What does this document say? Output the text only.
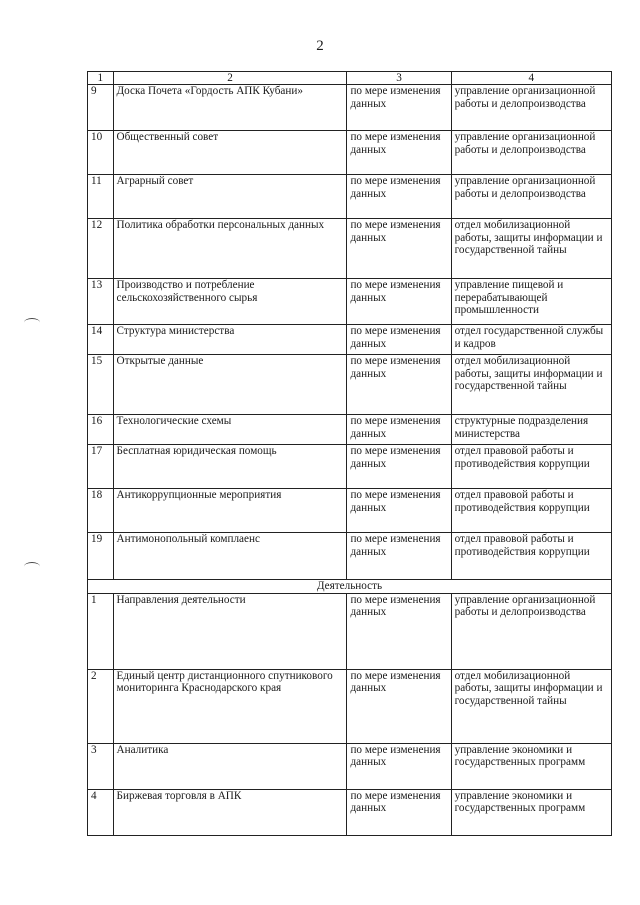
2
1	2	3	4
9	Доска Почета «Гордость АПК Кубани»	по мере изменения данных	управление организационной работы и делопроизводства
10	Общественный совет	по мере изменения данных	управление организационной работы и делопроизводства
11	Аграрный совет	по мере изменения данных	управление организационной работы и делопроизводства
12	Политика обработки персональных данных	по мере изменения данных	отдел мобилизационной работы, защиты информации и государственной тайны
13	Производство и потребление сельскохозяйственного сырья	по мере изменения данных	управление пищевой и перерабатывающей промышленности
14	Структура министерства	по мере изменения данных	отдел государственной службы и кадров
15	Открытые данные	по мере изменения данных	отдел мобилизационной работы, защиты информации и государственной тайны
16	Технологические схемы	по мере изменения данных	структурные подразделения министерства
17	Бесплатная юридическая помощь	по мере изменения данных	отдел правовой работы и противодействия коррупции
18	Антикоррупционные мероприятия	по мере изменения данных	отдел правовой работы и противодействия коррупции
19	Антимонопольный комплаенс	по мере изменения данных	отдел правовой работы и противодействия коррупции
Деятельность			
1	Направления деятельности	по мере изменения данных	управление организационной работы и делопроизводства
2	Единый центр дистанционного спутникового мониторинга Краснодарского края	по мере изменения данных	отдел мобилизационной работы, защиты информации и государственной тайны
3	Аналитика	по мере изменения данных	управление экономики и государственных программ
4	Биржевая торговля в АПК	по мере изменения данных	управление экономики и государственных программ
